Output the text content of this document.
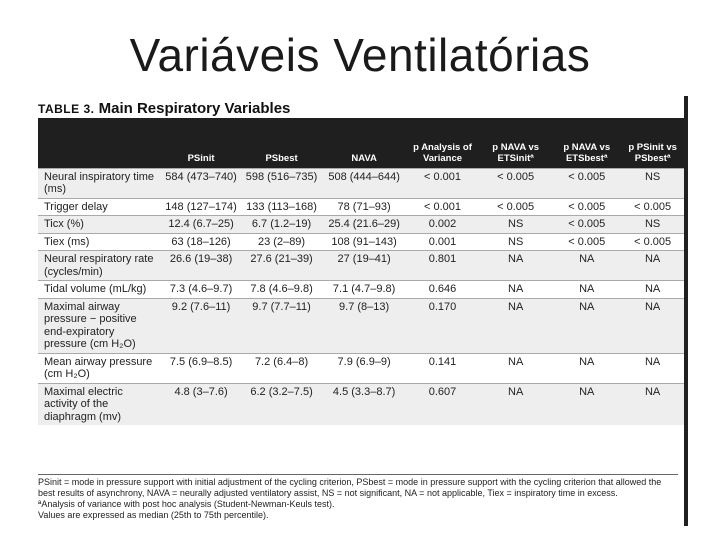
Variáveis Ventilatórias
TABLE 3. Main Respiratory Variables
	PSinit	PSbest	NAVA	p Analysis of Variance	p NAVA vs ETSinitª	p NAVA vs ETSbestª	p PSinit vs PSbestª
Neural inspiratory time (ms)	584 (473–740)	598 (516–735)	508 (444–644)	< 0.001	< 0.005	< 0.005	NS
Trigger delay	148 (127–174)	133 (113–168)	78 (71–93)	< 0.001	< 0.005	< 0.005	< 0.005
Ticx (%)	12.4 (6.7–25)	6.7 (1.2–19)	25.4 (21.6–29)	0.002	NS	< 0.005	NS
Tiex (ms)	63 (18–126)	23 (2–89)	108 (91–143)	0.001	NS	< 0.005	< 0.005
Neural respiratory rate (cycles/min)	26.6 (19–38)	27.6 (21–39)	27 (19–41)	0.801	NA	NA	NA
Tidal volume (mL/kg)	7.3 (4.6–9.7)	7.8 (4.6–9.8)	7.1 (4.7–9.8)	0.646	NA	NA	NA
Maximal airway pressure − positive end-expiratory pressure (cm H₂O)	9.2 (7.6–11)	9.7 (7.7–11)	9.7 (8–13)	0.170	NA	NA	NA
Mean airway pressure (cm H₂O)	7.5 (6.9–8.5)	7.2 (6.4–8)	7.9 (6.9–9)	0.141	NA	NA	NA
Maximal electric activity of the diaphragm (mv)	4.8 (3–7.6)	6.2 (3.2–7.5)	4.5 (3.3–8.7)	0.607	NA	NA	NA
PSinit = mode in pressure support with initial adjustment of the cycling criterion, PSbest = mode in pressure support with the cycling criterion that allowed the best results of asynchrony, NAVA = neurally adjusted ventilatory assist, NS = not significant, NA = not applicable, Tiex = inspiratory time in excess.
ªAnalysis of variance with post hoc analysis (Student-Newman-Keuls test).
Values are expressed as median (25th to 75th percentile).
